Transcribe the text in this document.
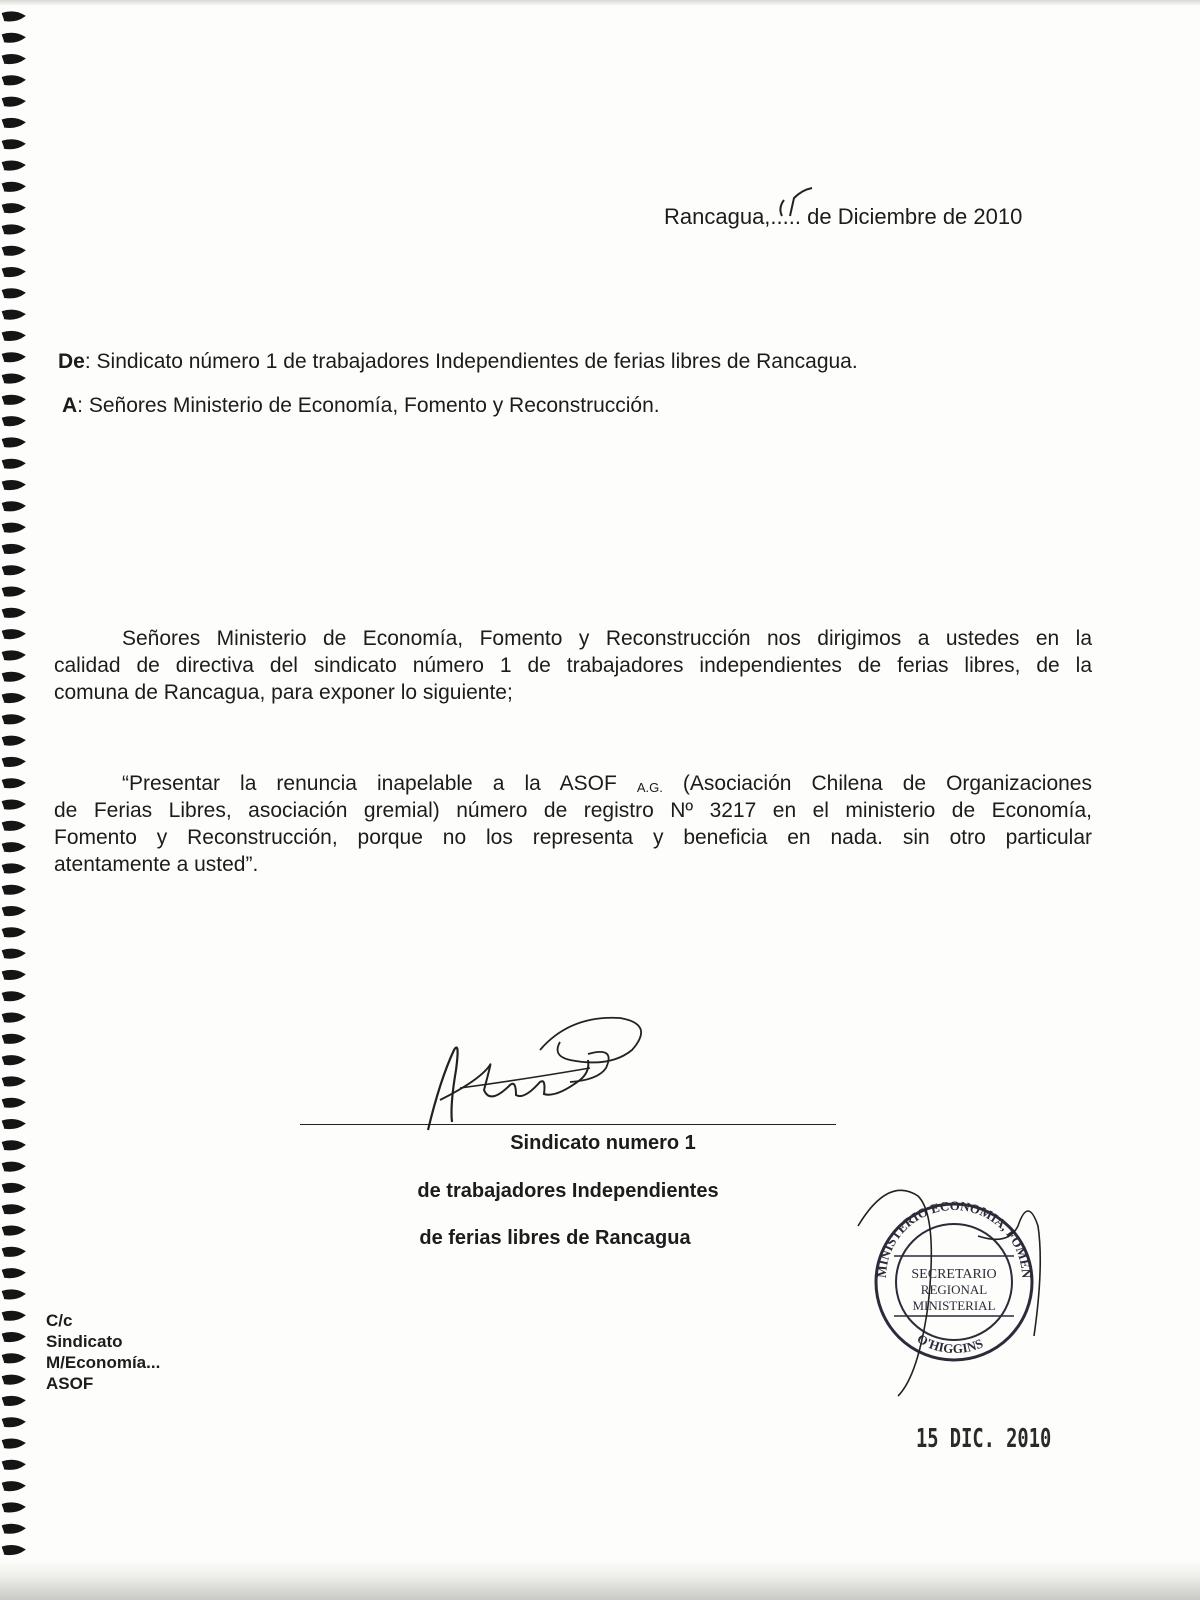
Rancagua,..... de Diciembre de 2010
De: Sindicato número 1 de trabajadores Independientes de ferias libres de Rancagua.
A: Señores Ministerio de Economía, Fomento y Reconstrucción.
Señores Ministerio de Economía, Fomento y Reconstrucción nos dirigimos a ustedes en la
calidad de directiva del sindicato número 1 de trabajadores independientes de ferias libres, de la
comuna de Rancagua, para exponer lo siguiente;
“Presentar la renuncia inapelable a la ASOF A.G. (Asociación Chilena de Organizaciones
de Ferias Libres, asociación gremial) número de registro Nº 3217 en el ministerio de Economía,
Fomento y Reconstrucción, porque no los representa y beneficia en nada. sin otro particular
atentamente a usted”.
Sindicato numero 1
de trabajadores Independientes
de ferias libres de Rancagua
C/c
Sindicato
M/Economía...
ASOF
MINISTERIO ECONOMIA, FOMENTO Y TURISMO
O'HIGGINS
SECRETARIO
REGIONAL
MINISTERIAL
15 DIC. 2010
